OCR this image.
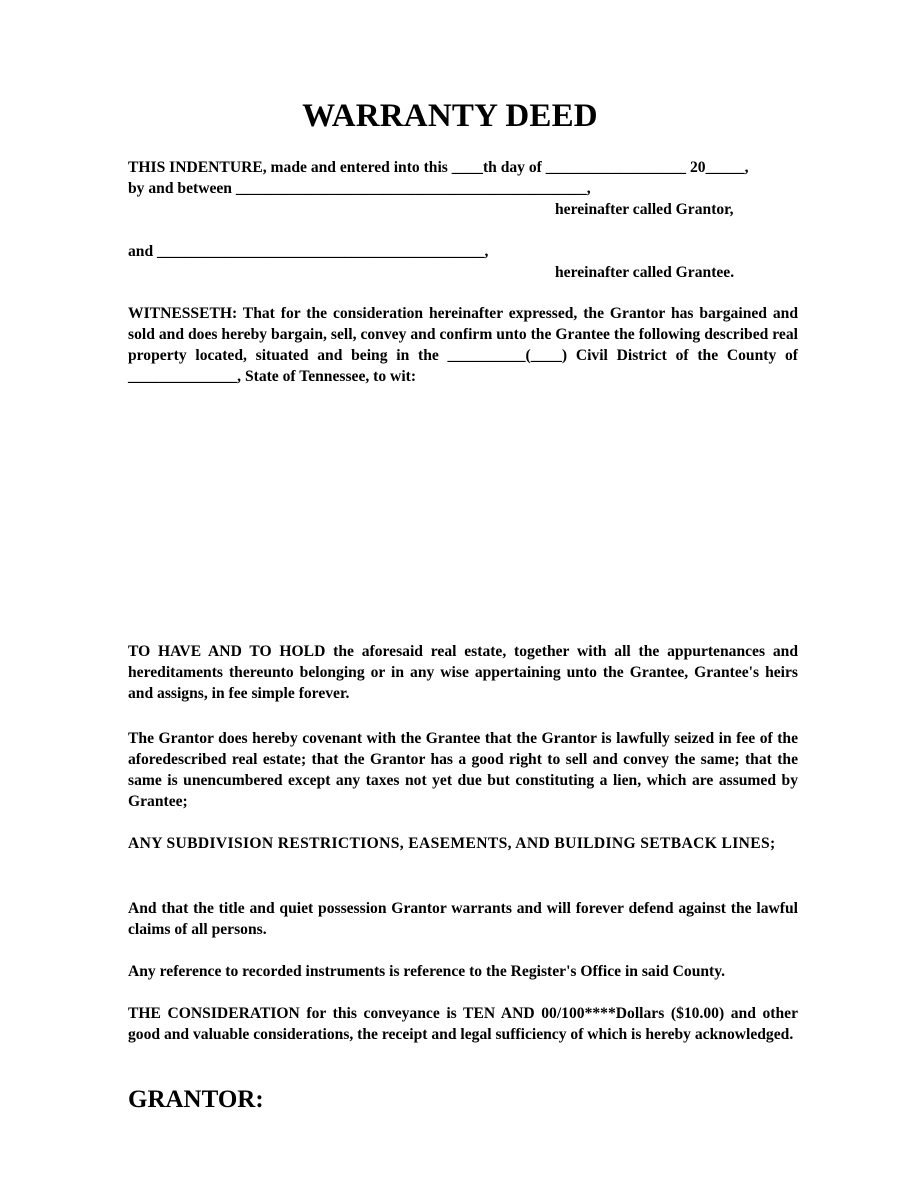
WARRANTY DEED
THIS INDENTURE, made and entered into this ____th day of __________________ 20_____,
by and between _____________________________________________,
hereinafter called Grantor,
and __________________________________________,
hereinafter called Grantee.
WITNESSETH: That for the consideration hereinafter expressed, the Grantor has bargained and sold and does hereby bargain, sell, convey and confirm unto the Grantee the following described real property located, situated and being in the __________(____) Civil District of the County of ______________, State of Tennessee, to wit:
TO HAVE AND TO HOLD the aforesaid real estate, together with all the appurtenances and hereditaments thereunto belonging or in any wise appertaining unto the Grantee, Grantee's heirs and assigns, in fee simple forever.
The Grantor does hereby covenant with the Grantee that the Grantor is lawfully seized in fee of the aforedescribed real estate; that the Grantor has a good right to sell and convey the same; that the same is unencumbered except any taxes not yet due but constituting a lien, which are assumed by Grantee;
ANY SUBDIVISION RESTRICTIONS, EASEMENTS, AND BUILDING SETBACK LINES;
And that the title and quiet possession Grantor warrants and will forever defend against the lawful claims of all persons.
Any reference to recorded instruments is reference to the Register's Office in said County.
THE CONSIDERATION for this conveyance is TEN AND 00/100****Dollars ($10.00) and other good and valuable considerations, the receipt and legal sufficiency of which is hereby acknowledged.
GRANTOR:
